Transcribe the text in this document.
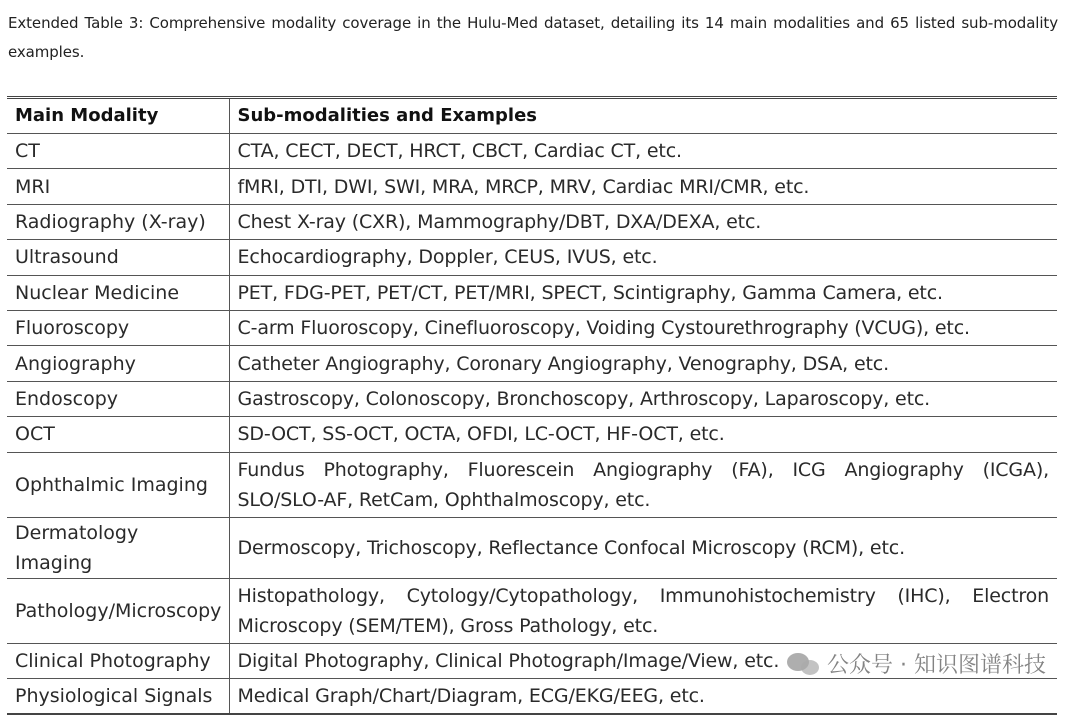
Extended Table 3: Comprehensive modality coverage in the Hulu-Med dataset, detailing its 14 main modalities and 65 listed sub-modality examples.
Main Modality	Sub-modalities and Examples
CT	CTA, CECT, DECT, HRCT, CBCT, Cardiac CT, etc.
MRI	fMRI, DTI, DWI, SWI, MRA, MRCP, MRV, Cardiac MRI/CMR, etc.
Radiography (X-ray)	Chest X-ray (CXR), Mammography/DBT, DXA/DEXA, etc.
Ultrasound	Echocardiography, Doppler, CEUS, IVUS, etc.
Nuclear Medicine	PET, FDG-PET, PET/CT, PET/MRI, SPECT, Scintigraphy, Gamma Camera, etc.
Fluoroscopy	C-arm Fluoroscopy, Cinefluoroscopy, Voiding Cystourethrography (VCUG), etc.
Angiography	Catheter Angiography, Coronary Angiography, Venography, DSA, etc.
Endoscopy	Gastroscopy, Colonoscopy, Bronchoscopy, Arthroscopy, Laparoscopy, etc.
OCT	SD-OCT, SS-OCT, OCTA, OFDI, LC-OCT, HF-OCT, etc.
Ophthalmic Imaging	Fundus Photography, Fluorescein Angiography (FA), ICG Angiography (ICGA), SLO/SLO-AF, RetCam, Ophthalmoscopy, etc.
Dermatology Imaging	Dermoscopy, Trichoscopy, Reflectance Confocal Microscopy (RCM), etc.
Pathology/Microscopy	Histopathology, Cytology/Cytopathology, Immunohistochemistry (IHC), Electron Microscopy (SEM/TEM), Gross Pathology, etc.
Clinical Photography	Digital Photography, Clinical Photograph/Image/View, etc.
Physiological Signals	Medical Graph/Chart/Diagram, ECG/EKG/EEG, etc.
公众号 · 知识图谱科技
